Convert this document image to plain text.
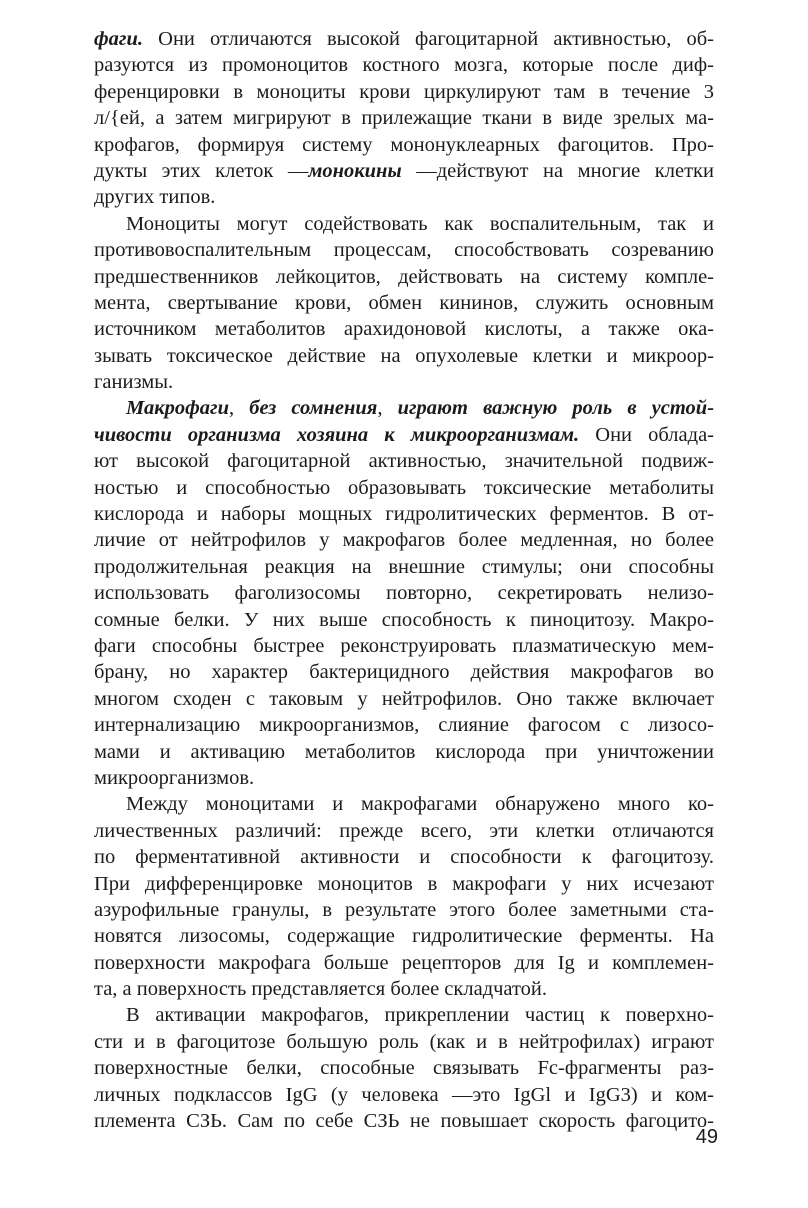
фаги. Они отличаются высокой фагоцитарной активностью, об-
разуются из промоноцитов костного мозга, которые после диф-
ференцировки в моноциты крови циркулируют там в течение 3
л/{ей, а затем мигрируют в прилежащие ткани в виде зрелых ма-
крофагов, формируя систему мононуклеарных фагоцитов. Про-
дукты этих клеток —монокины —действуют на многие клетки
других типов.
Моноциты могут содействовать как воспалительным, так и
противовоспалительным процессам, способствовать созреванию
предшественников лейкоцитов, действовать на систему компле-
мента, свертывание крови, обмен кининов, служить основным
источником метаболитов арахидоновой кислоты, а также ока-
зывать токсическое действие на опухолевые клетки и микроор-
ганизмы.
Макрофаги, без сомнения, играют важную роль в устой-
чивости организма хозяина к микроорганизмам. Они облада-
ют высокой фагоцитарной активностью, значительной подвиж-
ностью и способностью образовывать токсические метаболиты
кислорода и наборы мощных гидролитических ферментов. В от-
личие от нейтрофилов у макрофагов более медленная, но более
продолжительная реакция на внешние стимулы; они способны
использовать фаголизосомы повторно, секретировать нелизо-
сомные белки. У них выше способность к пиноцитозу. Макро-
фаги способны быстрее реконструировать плазматическую мем-
брану, но характер бактерицидного действия макрофагов во
многом сходен с таковым у нейтрофилов. Оно также включает
интернализацию микроорганизмов, слияние фагосом с лизосо-
мами и активацию метаболитов кислорода при уничтожении
микроорганизмов.
Между моноцитами и макрофагами обнаружено много ко-
личественных различий: прежде всего, эти клетки отличаются
по ферментативной активности и способности к фагоцитозу.
При дифференцировке моноцитов в макрофаги у них исчезают
азурофильные гранулы, в результате этого более заметными ста-
новятся лизосомы, содержащие гидролитические ферменты. На
поверхности макрофага больше рецепторов для Ig и комплемен-
та, а поверхность представляется более складчатой.
В активации макрофагов, прикреплении частиц к поверхно-
сти и в фагоцитозе большую роль (как и в нейтрофилах) играют
поверхностные белки, способные связывать Fc-фрагменты раз-
личных подклассов IgG (у человека —это IgGl и IgG3) и ком-
племента СЗЬ. Сам по себе СЗЬ не повышает скорость фагоцито-
49
